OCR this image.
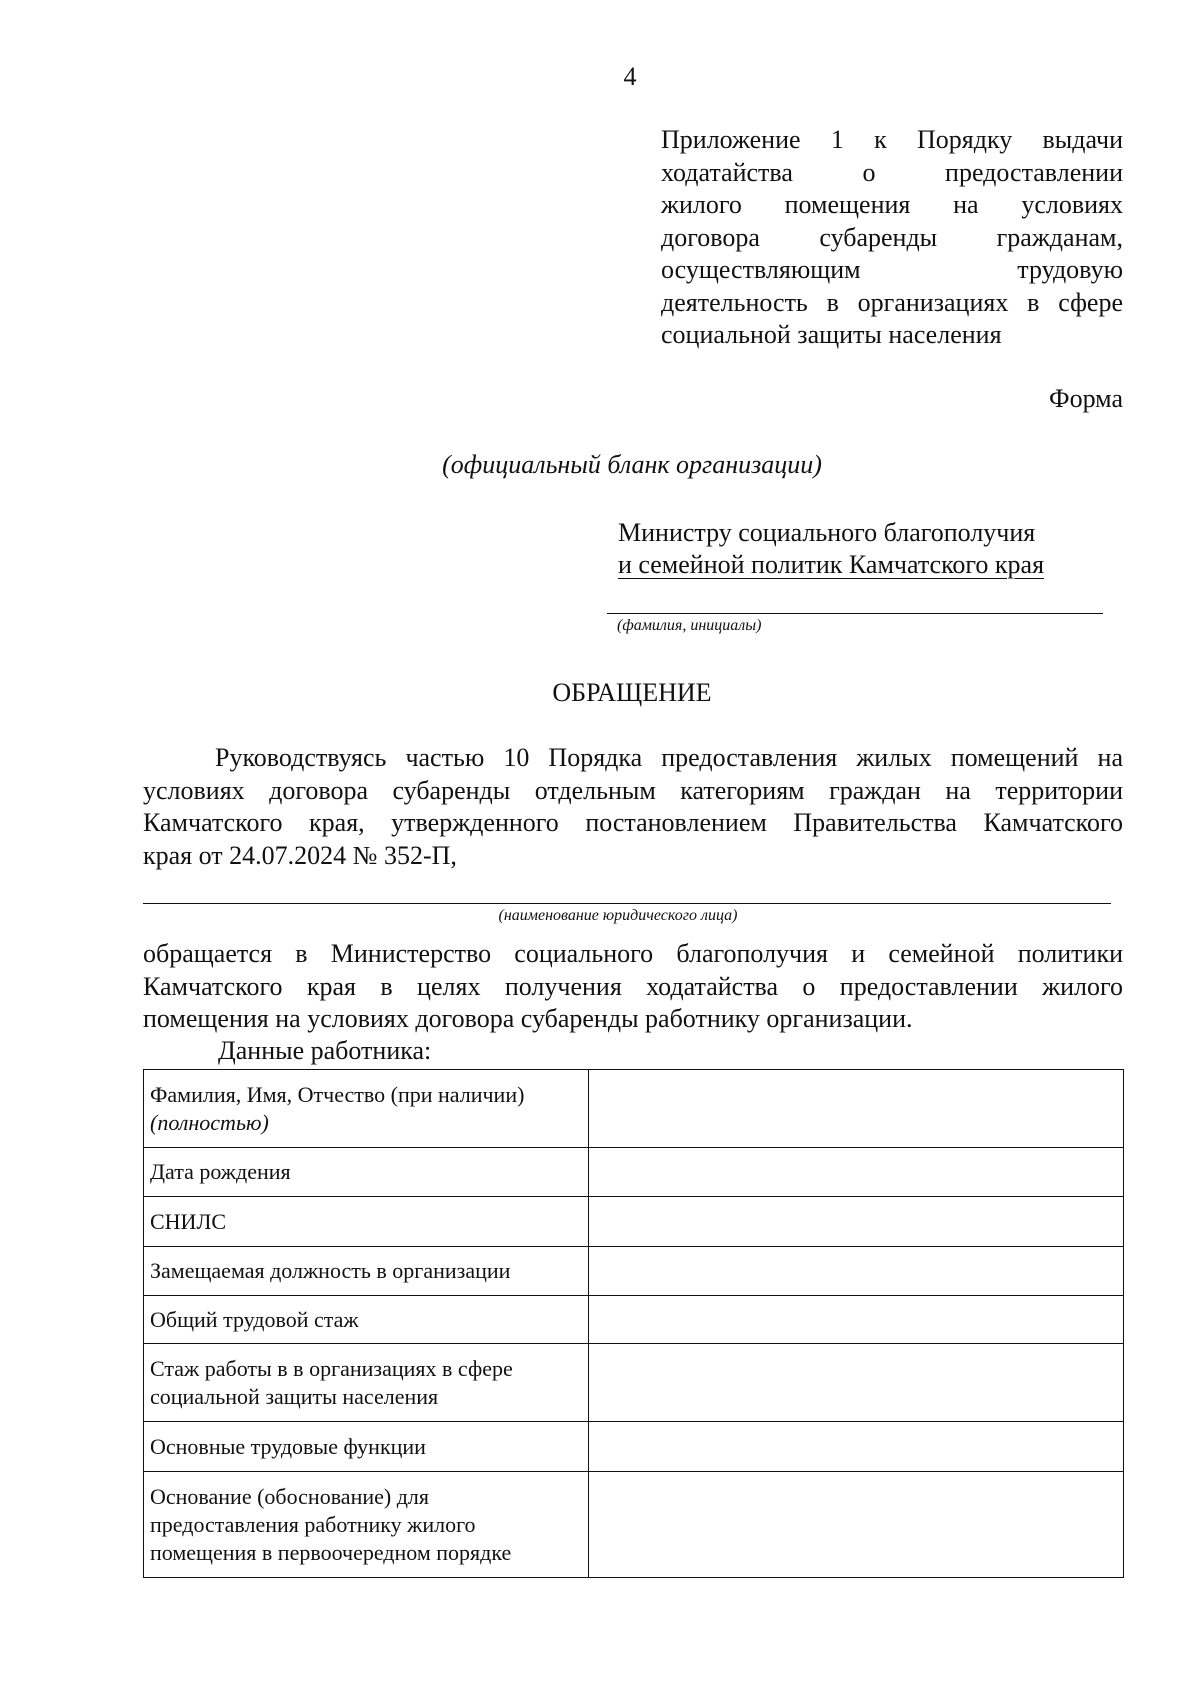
4
Приложение 1 к Порядку выдачи
ходатайства о предоставлении
жилого помещения на условиях
договора субаренды гражданам,
осуществляющим трудовую
деятельность в организациях в сфере
социальной защиты населения
Форма
(официальный бланк организации)
Министру социального благополучия
и семейной политик Камчатского края
(фамилия, инициалы)
ОБРАЩЕНИЕ
Руководствуясь частью 10 Порядка предоставления жилых помещений на
условиях договора субаренды отдельным категориям граждан на территории
Камчатского края, утвержденного постановлением Правительства Камчатского
края от 24.07.2024 № 352-П,
(наименование юридического лица)
обращается в Министерство социального благополучия и семейной политики
Камчатского края в целях получения ходатайства о предоставлении жилого
помещения на условиях договора субаренды работнику организации.
Данные работника:
Фамилия, Имя, Отчество (при наличии)
(полностью)	

Дата рождения	

СНИЛС	

Замещаемая должность в организации	

Общий трудовой стаж	

Стаж работы в в организациях в сфере
социальной защиты населения	

Основные трудовые функции	

Основание (обоснование) для
предоставления работнику жилого
помещения в первоочередном порядке	
